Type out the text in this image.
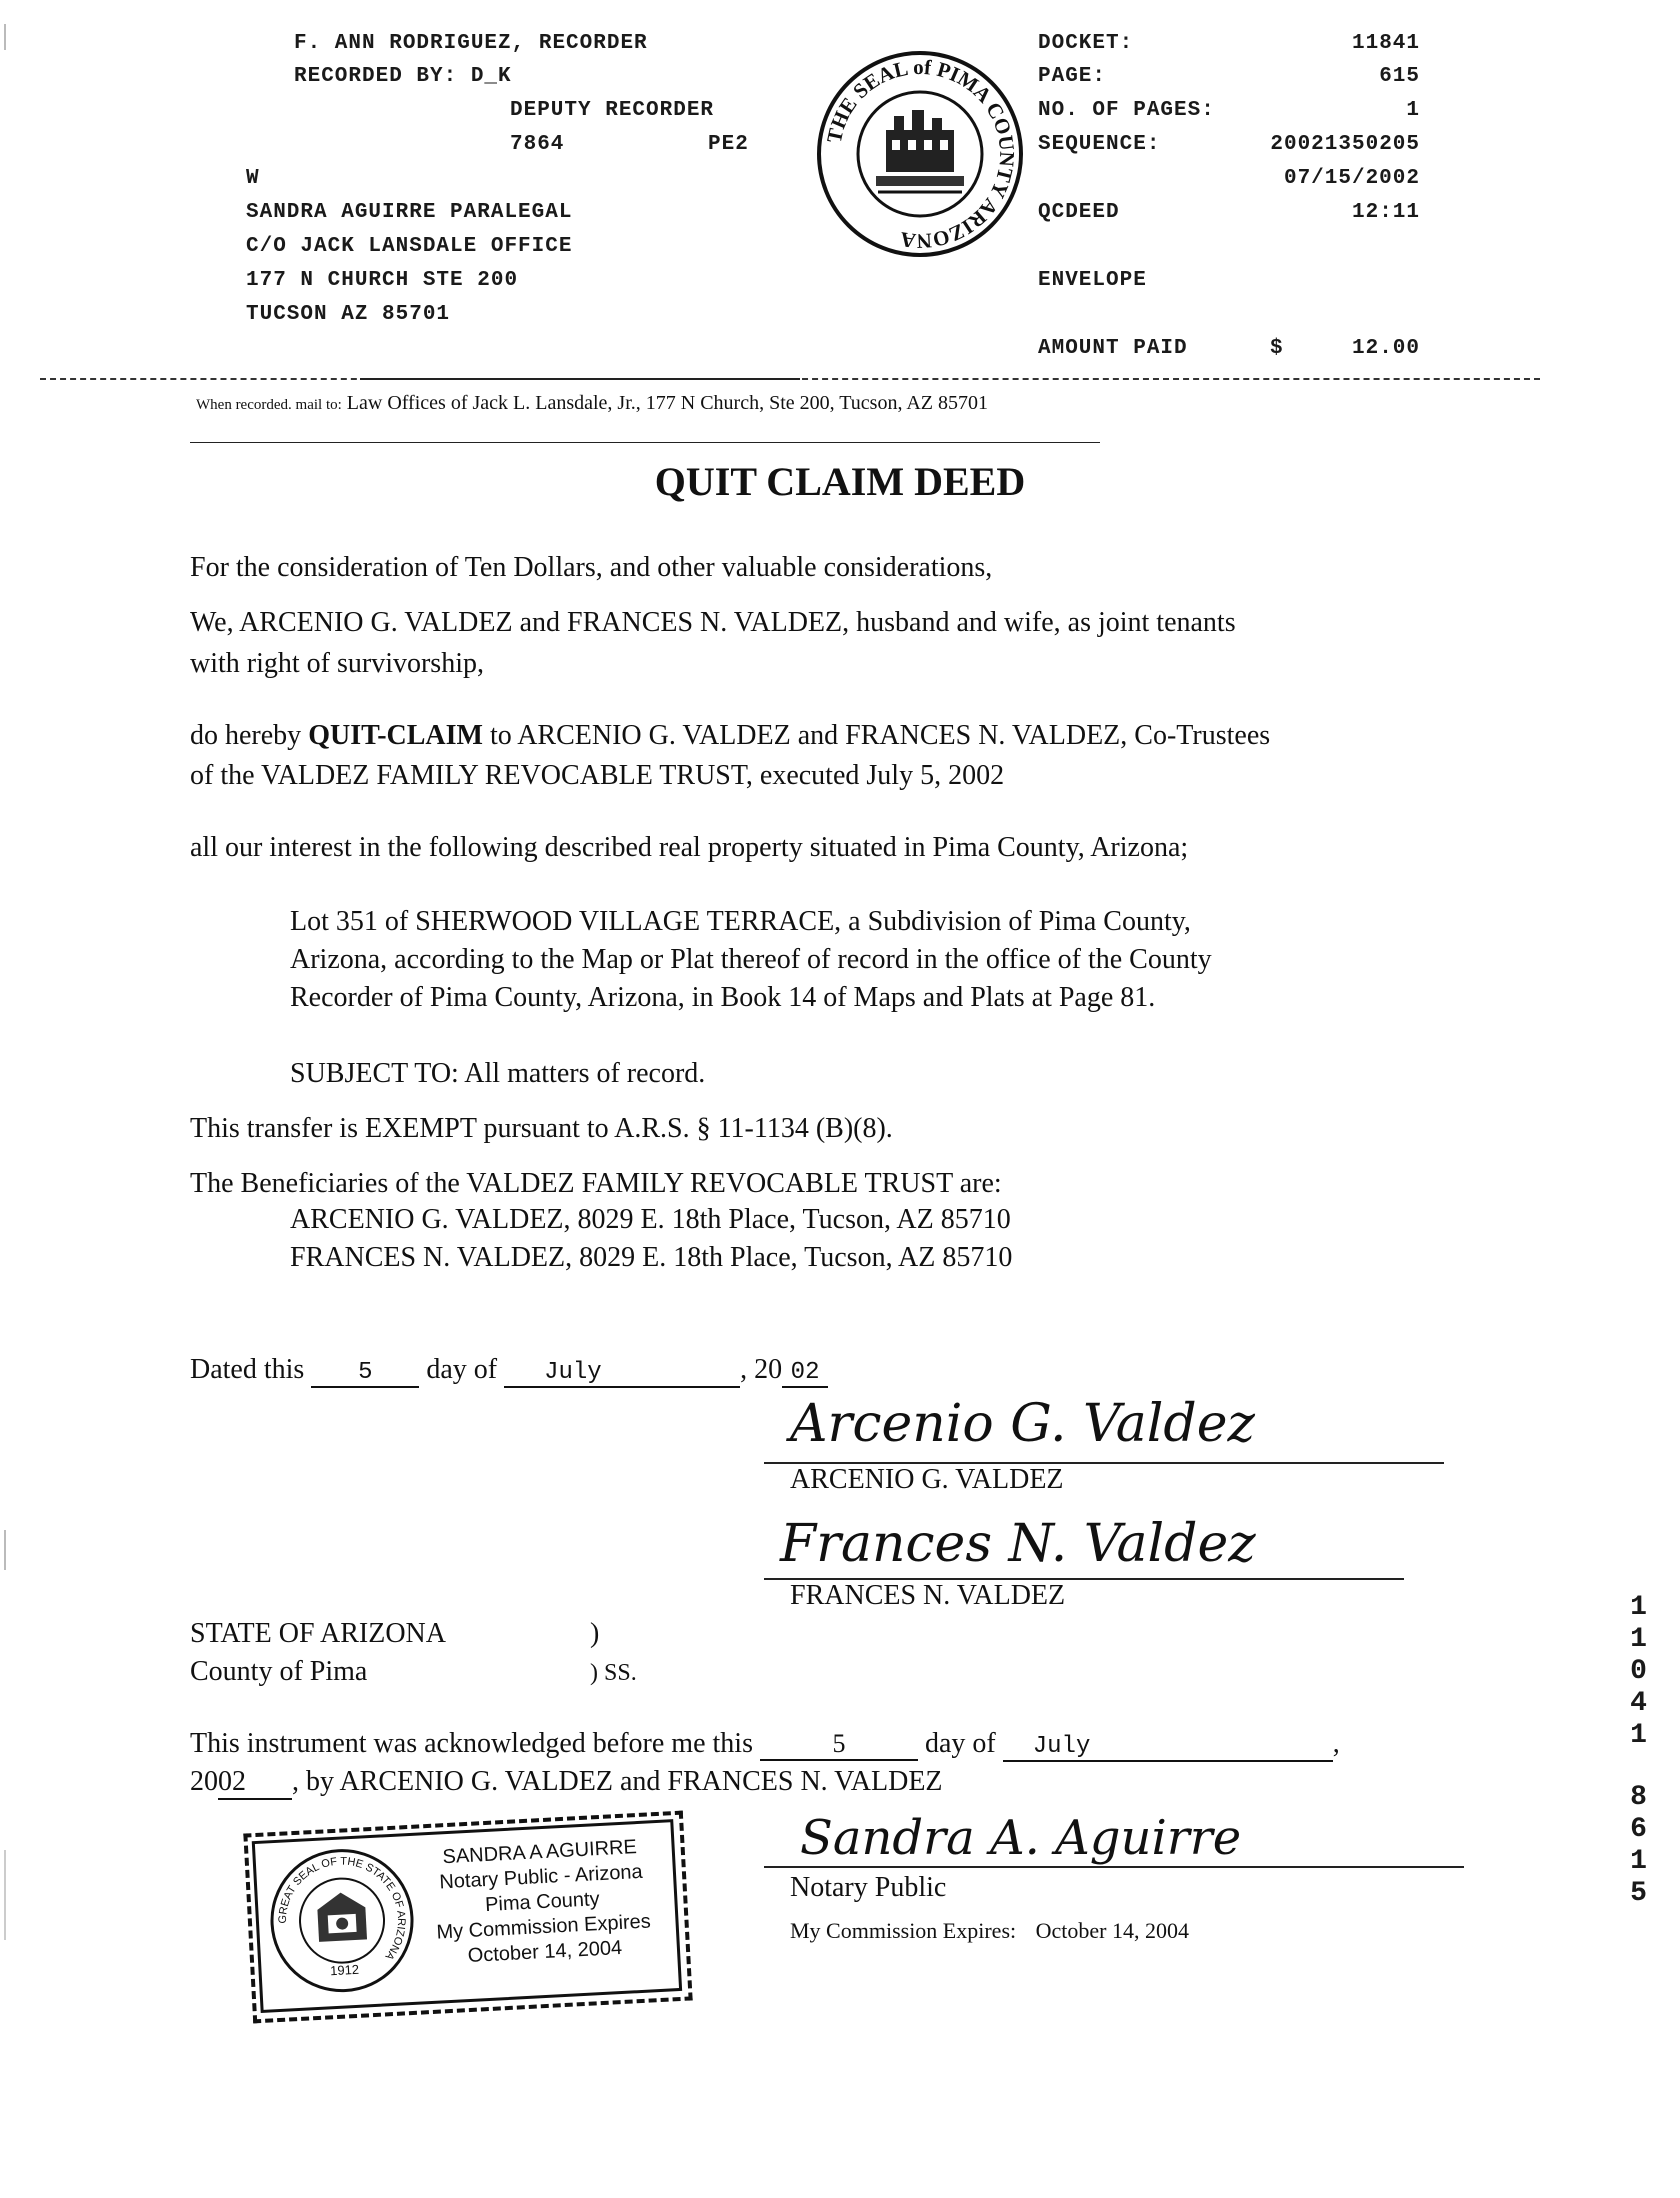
F. ANN RODRIGUEZ, RECORDER
RECORDED BY: D_K
DEPUTY RECORDER
7864	PE2
W
SANDRA AGUIRRE PARALEGAL
C/O JACK LANSDALE OFFICE
177 N CHURCH STE 200
TUCSON AZ 85701
DOCKET:	11841
PAGE:	615
NO. OF PAGES:	1
SEQUENCE:	20021350205
07/15/2002
QCDEED	12:11
ENVELOPE
AMOUNT PAID	$	12.00
THE SEAL of PIMA COUNTY ARIZONA
When recorded. mail to: Law Offices of Jack L. Lansdale, Jr., 177 N Church, Ste 200, Tucson, AZ 85701
QUIT CLAIM DEED
For the consideration of Ten Dollars, and other valuable considerations,
We, ARCENIO G. VALDEZ and FRANCES N. VALDEZ, husband and wife, as joint tenants
with right of survivorship,
do hereby QUIT-CLAIM to ARCENIO G. VALDEZ and FRANCES N. VALDEZ, Co-Trustees
of the VALDEZ FAMILY REVOCABLE TRUST, executed July 5, 2002
all our interest in the following described real property situated in Pima County, Arizona;
Lot 351 of SHERWOOD VILLAGE TERRACE, a Subdivision of Pima County,
Arizona, according to the Map or Plat thereof of record in the office of the County
Recorder of Pima County, Arizona, in Book 14 of Maps and Plats at Page 81.
SUBJECT TO: All matters of record.
This transfer is EXEMPT pursuant to A.R.S. § 11-1134 (B)(8).
The Beneficiaries of the VALDEZ FAMILY REVOCABLE TRUST are:
ARCENIO G. VALDEZ, 8029 E. 18th Place, Tucson, AZ 85710
FRANCES N. VALDEZ, 8029 E. 18th Place, Tucson, AZ 85710
Dated this 5 day of July	, 20 02
Arcenio G. Valdez
ARCENIO G. VALDEZ
Frances N. Valdez
FRANCES N. VALDEZ
STATE OF ARIZONA	)
County of Pima	) SS.
This instrument was acknowledged before me this	5	day of July	,
2002 , by ARCENIO G. VALDEZ and FRANCES N. VALDEZ
Sandra A. Aguirre
Notary Public
My Commission Expires: October 14, 2004
GREAT SEAL OF THE STATE OF ARIZONA
1912
SANDRA A AGUIRRE
Notary Public - Arizona
Pima County
My Commission Expires
October 14, 2004
1
1
0
4
1
8
6
1
5
